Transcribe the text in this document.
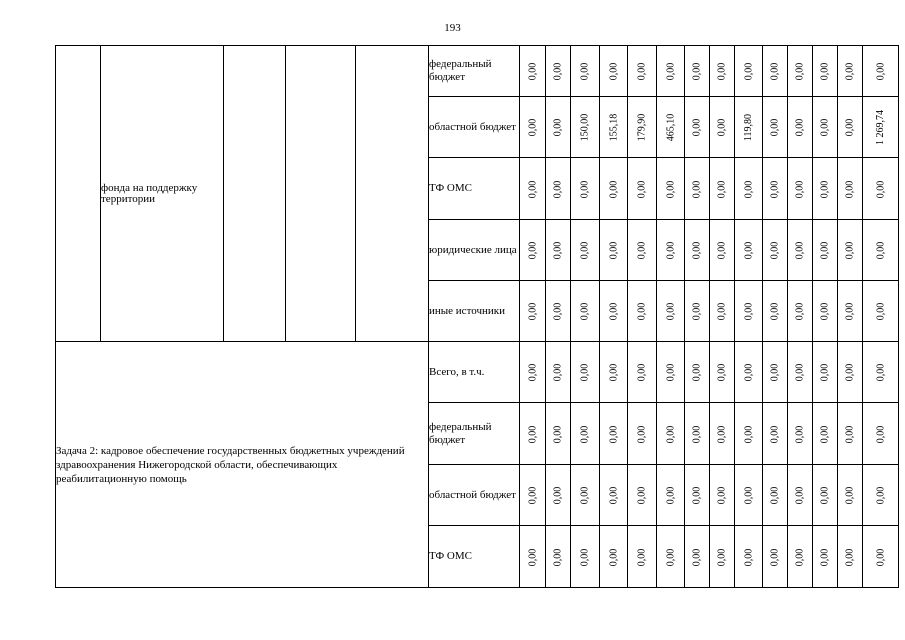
193
	фонда на поддержку территории				федеральный бюджет	0,00	0,00	0,00	0,00	0,00	0,00	0,00	0,00	0,00	0,00	0,00	0,00	0,00	0,00
					областной бюджет	0,00	0,00	150,00	155,18	179,90	465,10	0,00	0,00	119,80	0,00	0,00	0,00	0,00	1 269,74
					ТФ ОМС	0,00	0,00	0,00	0,00	0,00	0,00	0,00	0,00	0,00	0,00	0,00	0,00	0,00	0,00
					юридические лица	0,00	0,00	0,00	0,00	0,00	0,00	0,00	0,00	0,00	0,00	0,00	0,00	0,00	0,00
					иные источники	0,00	0,00	0,00	0,00	0,00	0,00	0,00	0,00	0,00	0,00	0,00	0,00	0,00	0,00
Задача 2: кадровое обеспечение государственных бюджетных учреждений здравоохранения Нижегородской области, обеспечивающих реабилитационную помощь					Всего, в т.ч.	0,00	0,00	0,00	0,00	0,00	0,00	0,00	0,00	0,00	0,00	0,00	0,00	0,00	0,00
					федеральный бюджет	0,00	0,00	0,00	0,00	0,00	0,00	0,00	0,00	0,00	0,00	0,00	0,00	0,00	0,00
					областной бюджет	0,00	0,00	0,00	0,00	0,00	0,00	0,00	0,00	0,00	0,00	0,00	0,00	0,00	0,00
					ТФ ОМС	0,00	0,00	0,00	0,00	0,00	0,00	0,00	0,00	0,00	0,00	0,00	0,00	0,00	0,00
